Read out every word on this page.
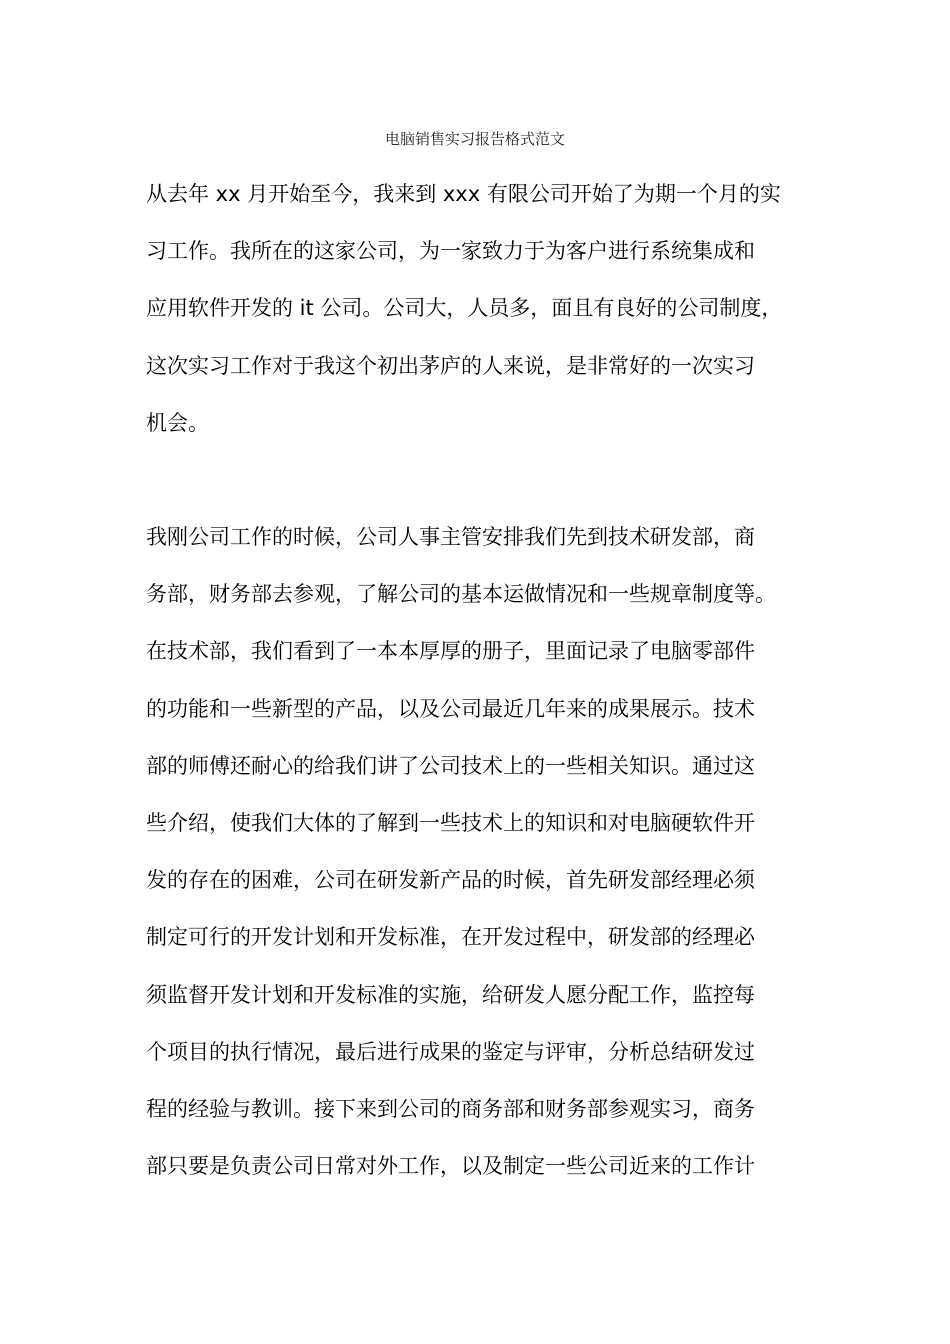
电脑销售实习报告格式范文
从去年 xx 月开始至今，我来到 xxx 有限公司开始了为期一个月的实
习工作。我所在的这家公司，为一家致力于为客户进行系统集成和
应用软件开发的 it 公司。公司大，人员多，面且有良好的公司制度，
这次实习工作对于我这个初出茅庐的人来说，是非常好的一次实习
机会。
我刚公司工作的时候，公司人事主管安排我们先到技术研发部，商
务部，财务部去参观，了解公司的基本运做情况和一些规章制度等。
在技术部，我们看到了一本本厚厚的册子，里面记录了电脑零部件
的功能和一些新型的产品，以及公司最近几年来的成果展示。技术
部的师傅还耐心的给我们讲了公司技术上的一些相关知识。通过这
些介绍，使我们大体的了解到一些技术上的知识和对电脑硬软件开
发的存在的困难，公司在研发新产品的时候，首先研发部经理必须
制定可行的开发计划和开发标准，在开发过程中，研发部的经理必
须监督开发计划和开发标准的实施，给研发人愿分配工作，监控每
个项目的执行情况，最后进行成果的鉴定与评审，分析总结研发过
程的经验与教训。接下来到公司的商务部和财务部参观实习，商务
部只要是负责公司日常对外工作，以及制定一些公司近来的工作计
